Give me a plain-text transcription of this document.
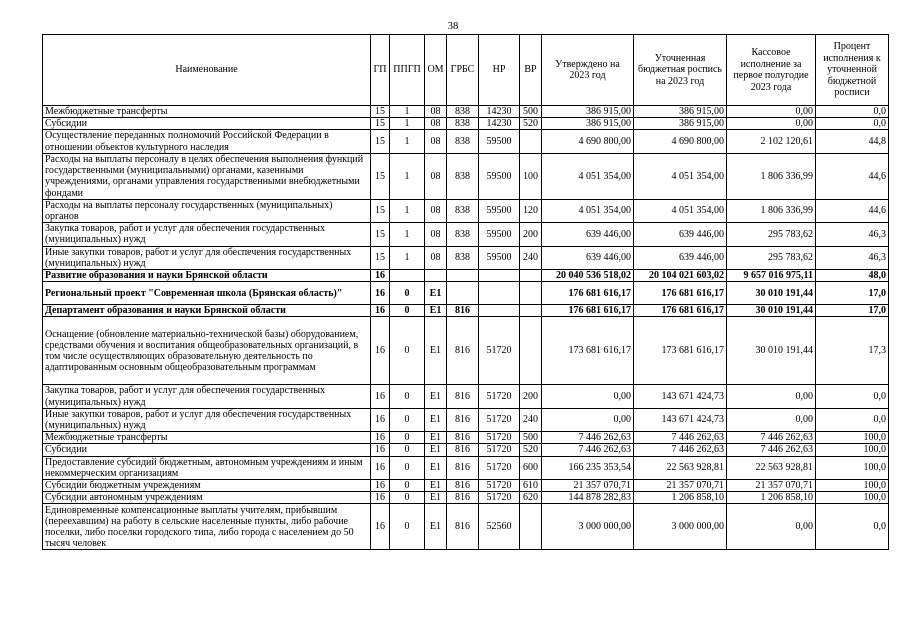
38
Наименование	ГП	ППГП	ОМ	ГРБС	НР	ВР	Утверждено на 2023 год	Уточненная бюджетная роспись на 2023 год	Кассовое исполнение за первое полугодие 2023 года	Процент исполнения к уточненной бюджетной росписи
Межбюджетные трансферты	15	1	08	838	14230	500	386 915,00	386 915,00	0,00	0,0
Субсидии	15	1	08	838	14230	520	386 915,00	386 915,00	0,00	0,0
Осуществление переданных полномочий Российской Федерации в отношении объектов культурного наследия	15	1	08	838	59500		4 690 800,00	4 690 800,00	2 102 120,61	44,8
Расходы на выплаты персоналу в целях обеспечения выполнения функций государственными (муниципальными) органами, казенными учреждениями, органами управления государственными внебюджетными фондами	15	1	08	838	59500	100	4 051 354,00	4 051 354,00	1 806 336,99	44,6
Расходы на выплаты персоналу государственных (муниципальных) органов	15	1	08	838	59500	120	4 051 354,00	4 051 354,00	1 806 336,99	44,6
Закупка товаров, работ и услуг для обеспечения государственных (муниципальных) нужд	15	1	08	838	59500	200	639 446,00	639 446,00	295 783,62	46,3
Иные закупки товаров, работ и услуг для обеспечения государственных (муниципальных) нужд	15	1	08	838	59500	240	639 446,00	639 446,00	295 783,62	46,3
Развитие образования и науки Брянской области	16						20 040 536 518,02	20 104 021 603,02	9 657 016 975,11	48,0
Региональный проект "Современная школа (Брянская область)"	16	0	E1				176 681 616,17	176 681 616,17	30 010 191,44	17,0
Департамент образования и науки Брянской области	16	0	E1	816			176 681 616,17	176 681 616,17	30 010 191,44	17,0
Оснащение (обновление материально-технической базы) оборудованием, средствами обучения и воспитания общеобразовательных организаций, в том числе осуществляющих образовательную деятельность по адаптированным основным общеобразовательным программам	16	0	E1	816	51720		173 681 616,17	173 681 616,17	30 010 191,44	17,3
Закупка товаров, работ и услуг для обеспечения государственных (муниципальных) нужд	16	0	E1	816	51720	200	0,00	143 671 424,73	0,00	0,0
Иные закупки товаров, работ и услуг для обеспечения государственных (муниципальных) нужд	16	0	E1	816	51720	240	0,00	143 671 424,73	0,00	0,0
Межбюджетные трансферты	16	0	E1	816	51720	500	7 446 262,63	7 446 262,63	7 446 262,63	100,0
Субсидии	16	0	E1	816	51720	520	7 446 262,63	7 446 262,63	7 446 262,63	100,0
Предоставление субсидий бюджетным, автономным учреждениям и иным некоммерческим организациям	16	0	E1	816	51720	600	166 235 353,54	22 563 928,81	22 563 928,81	100,0
Субсидии бюджетным учреждениям	16	0	E1	816	51720	610	21 357 070,71	21 357 070,71	21 357 070,71	100,0
Субсидии автономным учреждениям	16	0	E1	816	51720	620	144 878 282,83	1 206 858,10	1 206 858,10	100,0
Единовременные компенсационные выплаты учителям, прибывшим (переехавшим) на работу в сельские населенные пункты, либо рабочие поселки, либо поселки городского типа, либо города с населением до 50 тысяч человек	16	0	E1	816	52560		3 000 000,00	3 000 000,00	0,00	0,0
